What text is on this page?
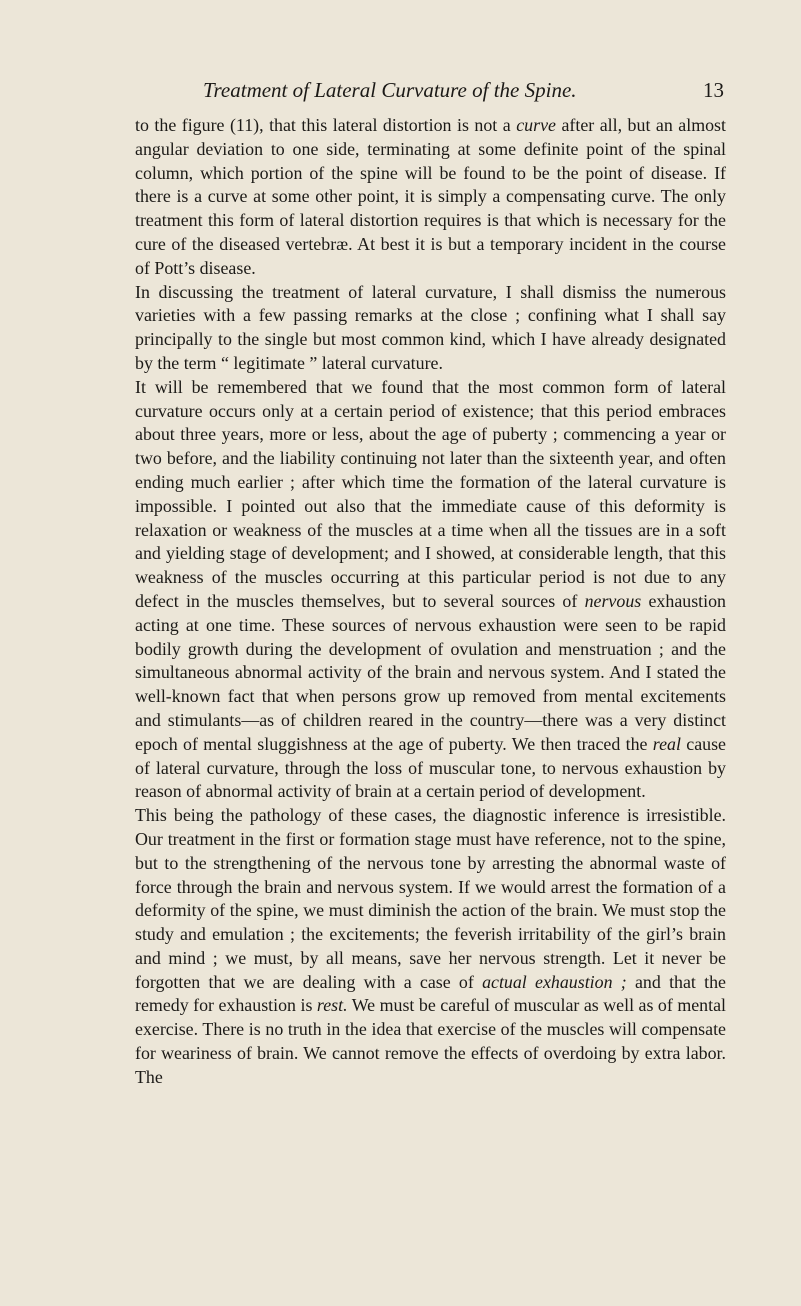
Treatment of Lateral Curvature of the Spine.	13

to the figure (11), that this lateral distortion is not a curve after all, but an almost angular deviation to one side, terminating at some definite point of the spinal column, which portion of the spine will be found to be the point of disease. If there is a curve at some other point, it is simply a compensating curve. The only treatment this form of lateral distortion requires is that which is necessary for the cure of the diseased vertebræ. At best it is but a temporary incident in the course of Pott’s disease.

In discussing the treatment of lateral curvature, I shall dismiss the numerous varieties with a few passing remarks at the close ; confining what I shall say principally to the single but most common kind, which I have already designated by the term “ legitimate ” lateral curvature.

It will be remembered that we found that the most common form of lateral curvature occurs only at a certain period of existence; that this period embraces about three years, more or less, about the age of puberty ; commencing a year or two before, and the liability continuing not later than the sixteenth year, and often ending much earlier ; after which time the formation of the lateral curvature is impossible. I pointed out also that the immediate cause of this deformity is relaxation or weakness of the muscles at a time when all the tissues are in a soft and yielding stage of development; and I showed, at considerable length, that this weakness of the muscles occurring at this particular period is not due to any defect in the muscles themselves, but to several sources of nervous exhaustion acting at one time. These sources of nervous exhaustion were seen to be rapid bodily growth during the development of ovulation and menstruation ; and the simultaneous abnormal activity of the brain and nervous system. And I stated the well-known fact that when persons grow up removed from mental excitements and stimulants—as of children reared in the country—there was a very distinct epoch of mental sluggishness at the age of puberty. We then traced the real cause of lateral curvature, through the loss of muscular tone, to nervous exhaustion by reason of abnormal activity of brain at a certain period of development.

This being the pathology of these cases, the diagnostic inference is irresistible. Our treatment in the first or formation stage must have reference, not to the spine, but to the strengthening of the nervous tone by arresting the abnormal waste of force through the brain and nervous system. If we would arrest the formation of a deformity of the spine, we must diminish the action of the brain. We must stop the study and emulation ; the excitements; the feverish irritability of the girl’s brain and mind ; we must, by all means, save her nervous strength. Let it never be forgotten that we are dealing with a case of actual exhaustion ; and that the remedy for exhaustion is rest. We must be careful of muscular as well as of mental exercise. There is no truth in the idea that exercise of the muscles will compensate for weariness of brain. We cannot remove the effects of overdoing by extra labor. The
